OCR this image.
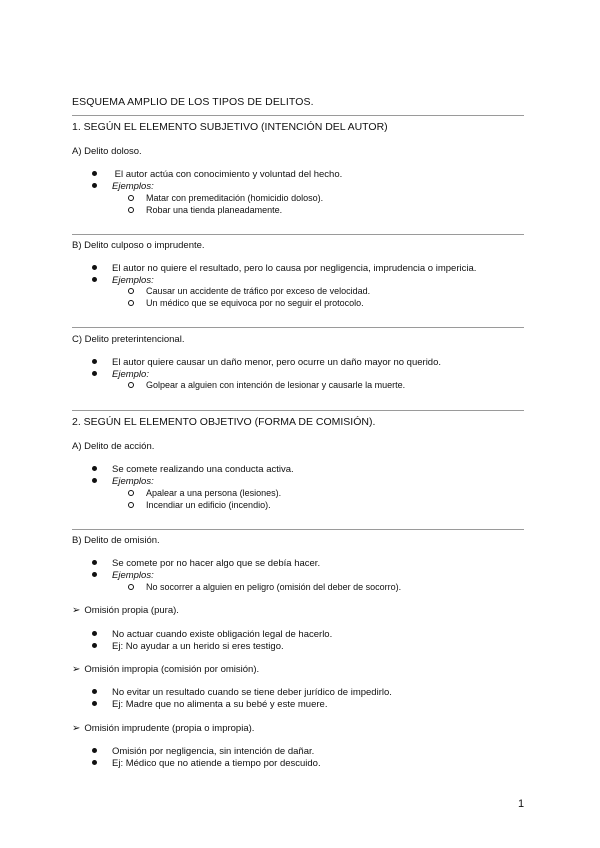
ESQUEMA AMPLIO DE LOS TIPOS DE DELITOS.
1. SEGÚN EL ELEMENTO SUBJETIVO (INTENCIÓN DEL AUTOR)
A) Delito doloso.
El autor actúa con conocimiento y voluntad del hecho.
Ejemplos:
Matar con premeditación (homicidio doloso).
Robar una tienda planeadamente.
B) Delito culposo o imprudente.
El autor no quiere el resultado, pero lo causa por negligencia, imprudencia o impericia.
Ejemplos:
Causar un accidente de tráfico por exceso de velocidad.
Un médico que se equivoca por no seguir el protocolo.
C) Delito preterintencional.
El autor quiere causar un daño menor, pero ocurre un daño mayor no querido.
Ejemplo:
Golpear a alguien con intención de lesionar y causarle la muerte.
2. SEGÚN EL ELEMENTO OBJETIVO (FORMA DE COMISIÓN).
A) Delito de acción.
Se comete realizando una conducta activa.
Ejemplos:
Apalear a una persona (lesiones).
Incendiar un edificio (incendio).
B) Delito de omisión.
Se comete por no hacer algo que se debía hacer.
Ejemplos:
No socorrer a alguien en peligro (omisión del deber de socorro).
➢ Omisión propia (pura).
No actuar cuando existe obligación legal de hacerlo.
Ej: No ayudar a un herido si eres testigo.
➢ Omisión impropia (comisión por omisión).
No evitar un resultado cuando se tiene deber jurídico de impedirlo.
Ej: Madre que no alimenta a su bebé y este muere.
➢ Omisión imprudente (propia o impropia).
Omisión por negligencia, sin intención de dañar.
Ej: Médico que no atiende a tiempo por descuido.
1
